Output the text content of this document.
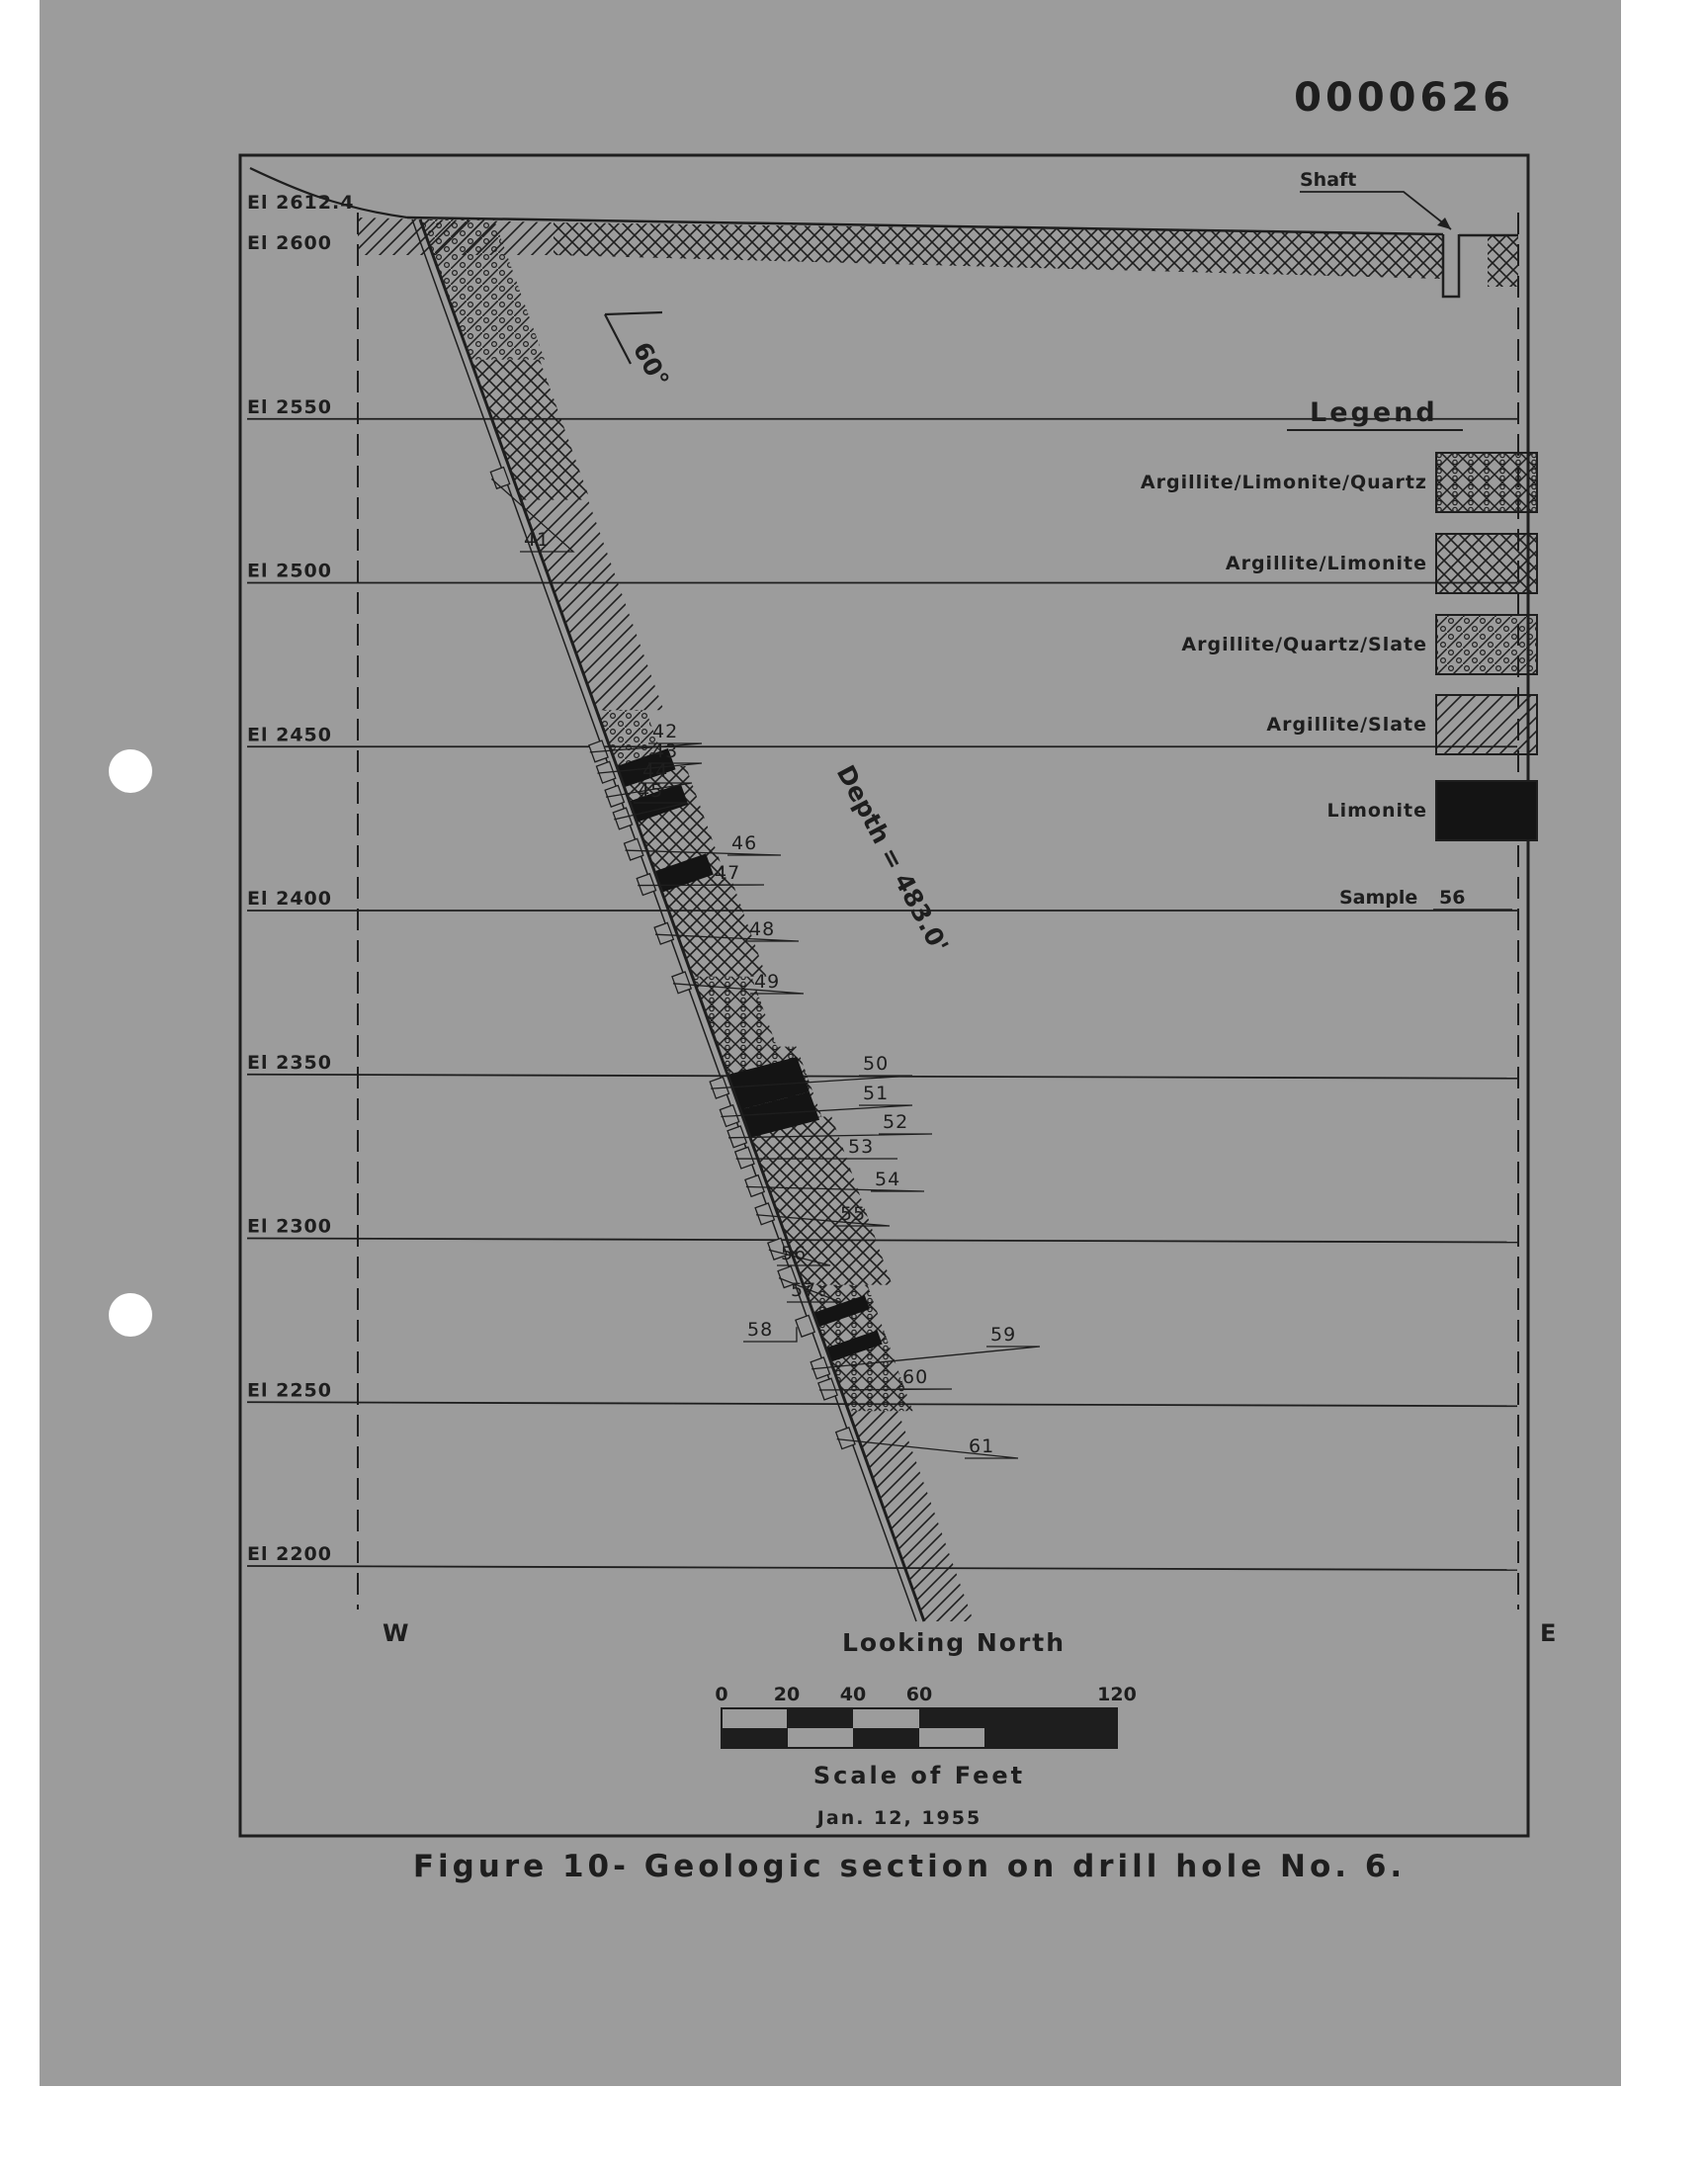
El 2612.4
El 2600
El 2550
El 2500
El 2450
El 2400
El 2350
El 2300
El 2250
El 2200
41
42
43
44
45
46
47
48
49
50
51
52
53
54
55
56
57
58	59
60
61
Legend
Argillite/Limonite/Quartz
Argillite/Limonite
Argillite/Quartz/Slate
Argillite/Slate
Limonite
Sample 56
0000626
Shaft
60°
Depth = 483.0'
W	E
Looking North
Jan. 12, 1955
Figure 10- Geologic section on drill hole No. 6.
0 20 40 60	120
Scale of Feet
